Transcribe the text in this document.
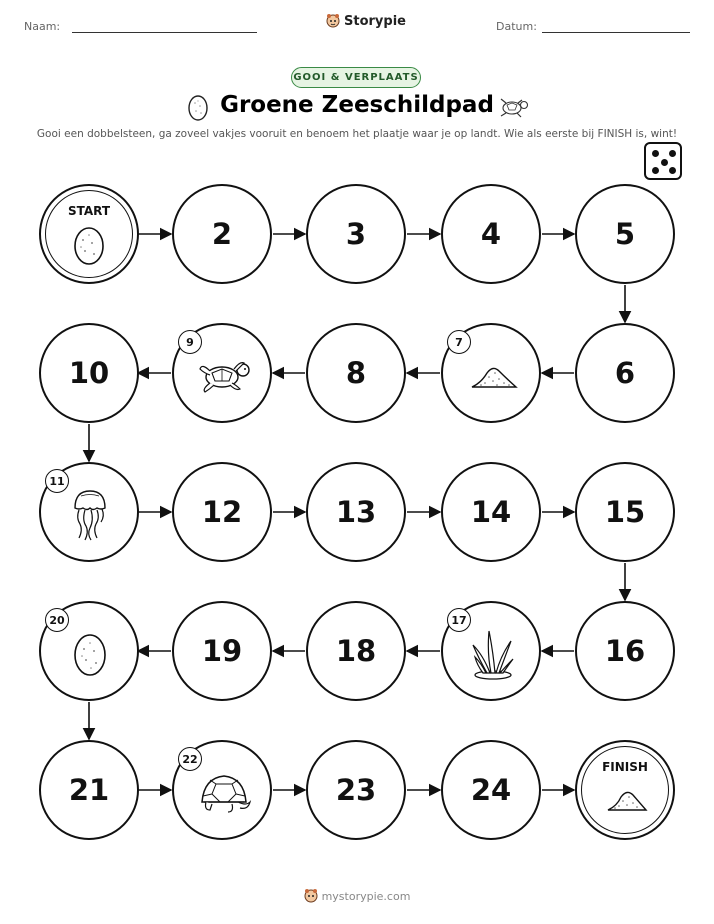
Naam:	Storypie	Datum:
GOOI & VERPLAATS
Groene Zeeschildpad
Gooi een dobbelsteen, ga zoveel vakjes vooruit en benoem het plaatje waar je op landt. Wie als eerste bij FINISH is, wint!
START
2	3	4	5
10
9
8
7
6
11
12	13	14	15
20
19	18
17
16
21
22
23	24
FINISH
mystorypie.com
